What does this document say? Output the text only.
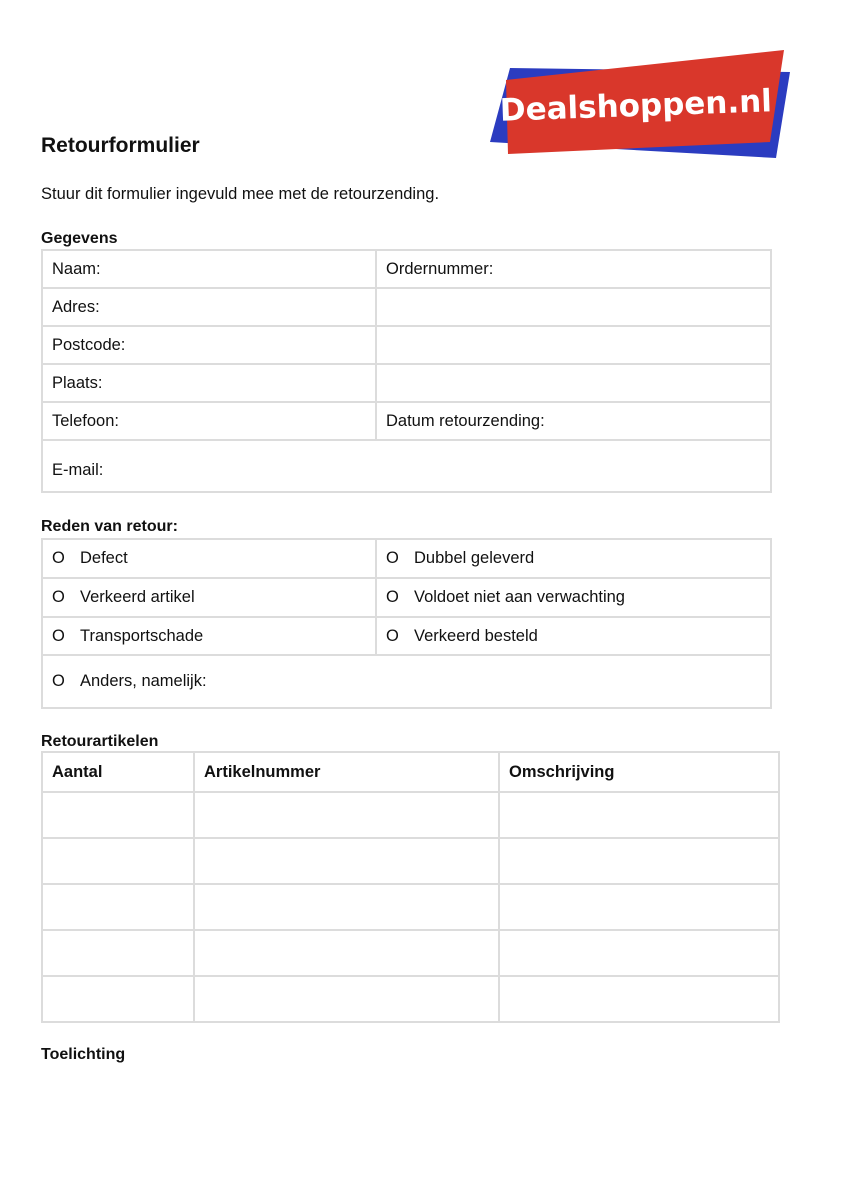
Dealshoppen.nl
Retourformulier
Stuur dit formulier ingevuld mee met de retourzending.
Gegevens
Naam:	Ordernummer:
Adres:	
Postcode:	
Plaats:	
Telefoon:	Datum retourzending:
E-mail:	
Reden van retour:
O Defect	O Dubbel geleverd
O Verkeerd artikel	O Voldoet niet aan verwachting
O Transportschade	O Verkeerd besteld
O Anders, namelijk:	
Retourartikelen
Aantal	Artikelnummer	Omschrijving

Toelichting
